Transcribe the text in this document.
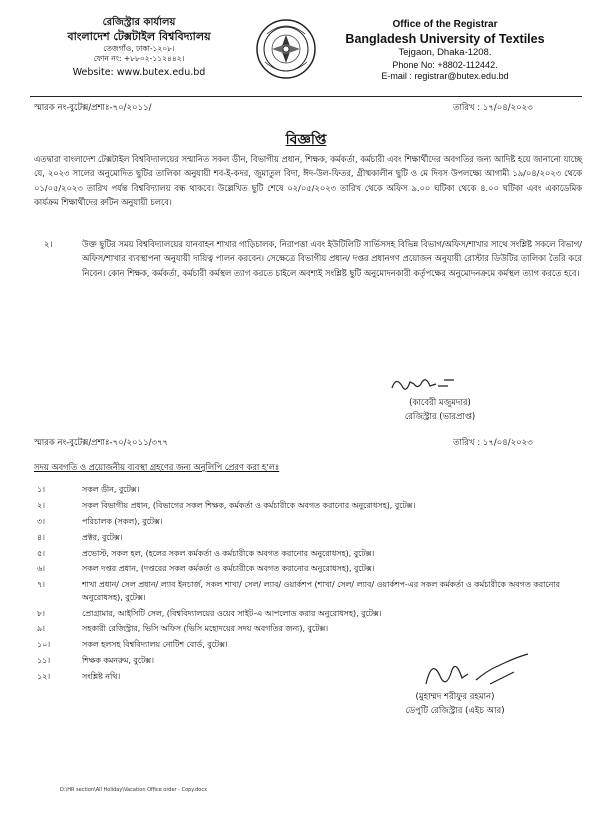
রেজিস্ট্রার কার্যালয়
বাংলাদেশ টেক্সটাইল বিশ্ববিদ্যালয়
তেজগাঁও, ঢাকা-১২০৮।
ফোন নং: +৮৮০২-১১২৪৪২।
Website: www.butex.edu.bd
Office of the Registrar
Bangladesh University of Textiles
Tejgaon, Dhaka-1208.
Phone No: +8802-112442.
E-mail : registrar@butex.edu.bd
স্মারক নং-বুটেক্স/প্রশাঃ-৭০/২০১১/	তারিখ : ১৭/০৪/২০২৩
বিজ্ঞপ্তি
এতদ্বারা বাংলাদেশ টেক্সটাইল বিশ্ববিদ্যালয়ের সম্মানিত সকল ডীন, বিভাগীয় প্রধান, শিক্ষক, কর্মকর্তা, কর্মচারী এবং শিক্ষার্থীদের অবগতির জন্য আদিষ্ট হয়ে জানানো যাচ্ছে যে, ২০২৩ সালের অনুমোদিত ছুটির তালিকা অনুযায়ী শব-ই-কদর, জুমাতুল বিদা, ঈদ-উল-ফিতর, গ্রীষ্মকালীন ছুটি ও মে দিবস উপলক্ষ্যে আগামী ১৯/০৪/২০২৩ থেকে ০১/০৫/২০২৩ তারিখ পর্যন্ত বিশ্ববিদ্যালয় বন্ধ থাকবে। উল্লেখিত ছুটি শেষে ০২/০৫/২০২৩ তারিখ থেকে অফিস ৯.০০ ঘটিকা থেকে ৪.০০ ঘটিকা এবং একাডেমিক কার্যক্রম শিক্ষার্থীদের রুটিন অনুযায়ী চলবে।
২।	উক্ত ছুটির সময় বিশ্ববিদ্যালয়ের যানবাহন শাখার গাড়িচালক, নিরাপত্তা এবং ইউটিলিটি সার্ভিসসহ বিভিন্ন বিভাগ/অফিস/শাখার সাথে সংশ্লিষ্ট সকলে বিভাগ/অফিস/শাখার ব্যবস্থাপনা অনুযায়ী দায়িত্ব পালন করবেন। সেক্ষেত্রে বিভাগীয় প্রধান/ দপ্তর প্রধানগণ প্রয়োজন অনুযায়ী রোস্টার ডিউটির তালিকা তৈরি করে নিবেন। কোন শিক্ষক, কর্মকর্তা, কর্মচারী কর্মস্থল ত্যাগ করতে চাইলে অবশ্যই সংশ্লিষ্ট ছুটি অনুমোদনকারী কর্তৃপক্ষের অনুমোদনক্রমে কর্মস্থল ত্যাগ করতে হবে।
(কাবেরী মজুমদার)
রেজিস্ট্রার (ভারপ্রাপ্ত)
স্মারক নং-বুটেক্স/প্রশাঃ-৭০/২০১১/৩৭৭	তারিখ : ১৭/০৪/২০২৩
সদয় অবগতি ও প্রয়োজনীয় ব্যবস্থা গ্রহণের জন্য অনুলিপি প্রেরণ করা হ'লঃ
১।	সকল ডীন, বুটেক্স।
২।	সকল বিভাগীয় প্রধান, (বিভাগের সকল শিক্ষক, কর্মকর্তা ও কর্মচারীকে অবগত করানোর অনুরোধসহ), বুটেক্স।
৩।	পরিচালক (সকল), বুটেক্স।
৪।	প্রক্টর, বুটেক্স।
৫।	প্রভোস্ট, সকল হল, (হলের সকল কর্মকর্তা ও কর্মচারীকে অবগত করানোর অনুরোধসহ), বুটেক্স।
৬।	সকল দপ্তর প্রধান, (দপ্তরের সকল কর্মকর্তা ও কর্মচারীকে অবগত করানোর অনুরোধসহ), বুটেক্স।
৭।	শাখা প্রধান/ সেল প্রধান/ ল্যাব ইনচার্জ, সকল শাখা/ সেল/ ল্যাব/ ওয়ার্কশপ (শাখা/ সেল/ ল্যাব/ ওয়ার্কশপ-এর সকল কর্মকর্তা ও কর্মচারীকে অবগত করানোর অনুরোধসহ), বুটেক্স।
৮।	প্রোগ্রামার, আইসিটি সেল, (বিশ্ববিদ্যালয়ের ওয়েব সাইট-এ আপলোড করার অনুরোধসহ), বুটেক্স।
৯।	সহকারী রেজিস্ট্রার, ভিসি অফিস (ভিসি মহোদয়ের সদয় অবগতির জন্য), বুটেক্স।
১০।	সকল হলসহ বিশ্ববিদ্যালয় নোটিশ বোর্ড, বুটেক্স।
১১।	শিক্ষক কমনরুম, বুটেক্স।
১২।	সংশ্লিষ্ট নথি।
(মুহাম্মদ শরীফুর রহমান)
ডেপুটি রেজিস্ট্রার (এইচ আর)
D:\HR section\All Holiday\Vacation Office order - Copy.docx
